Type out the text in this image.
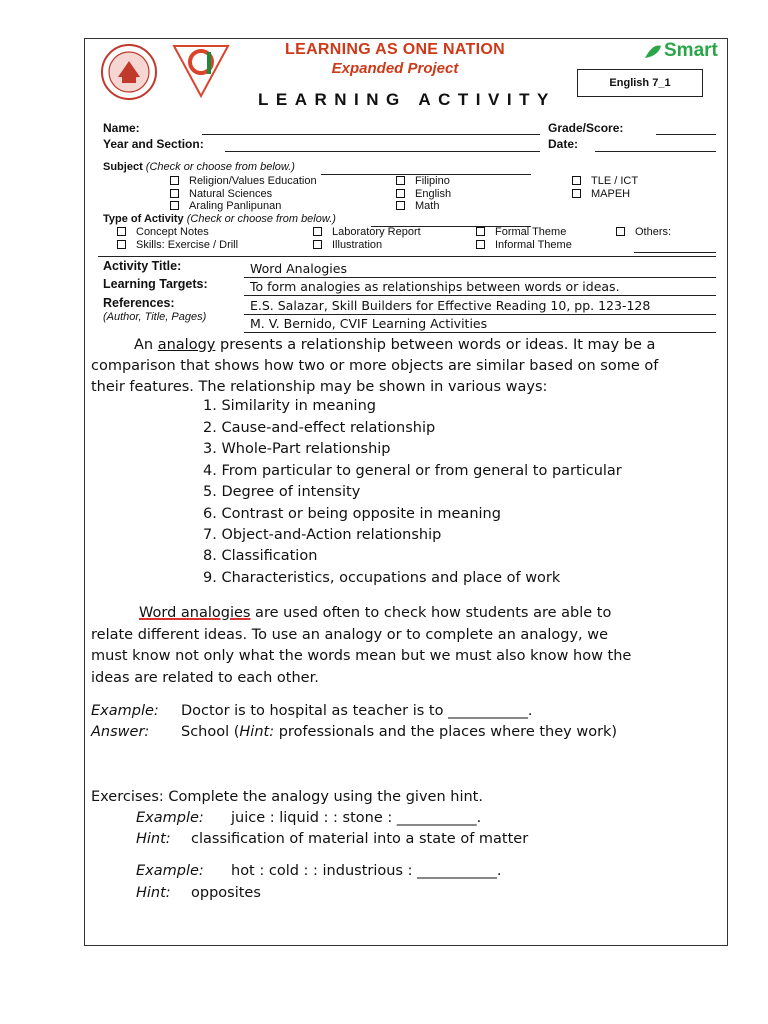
LEARNING AS ONE NATION
Expanded Project
Smart
English 7_1
LEARNING ACTIVITY
Name:
Year and Section:
Grade/Score:
Date:
Subject (Check or choose from below.)
Religion/Values Education
Natural Sciences
Araling Panlipunan
Filipino
English
Math
TLE / ICT
MAPEH
Type of Activity (Check or choose from below.)
Concept Notes
Skills: Exercise / Drill
Laboratory Report
Illustration
Formal Theme
Informal Theme
Others:
Activity Title:	Word Analogies
Learning Targets:	To form analogies as relationships between words or ideas.
References:
(Author, Title, Pages)
E.S. Salazar, Skill Builders for Effective Reading 10, pp. 123-128
M. V. Bernido, CVIF Learning Activities
An analogy presents a relationship between words or ideas. It may be a
comparison that shows how two or more objects are similar based on some of
their features. The relationship may be shown in various ways:
1. Similarity in meaning
2. Cause-and-effect relationship
3. Whole-Part relationship
4. From particular to general or from general to particular
5. Degree of intensity
6. Contrast or being opposite in meaning
7. Object-and-Action relationship
8. Classification
9. Characteristics, occupations and place of work
Word analogies are used often to check how students are able to
relate different ideas. To use an analogy or to complete an analogy, we
must know not only what the words mean but we must also know how the
ideas are related to each other.
Example: Doctor is to hospital as teacher is to ___________.
Answer: School (Hint: professionals and the places where they work)
Exercises: Complete the analogy using the given hint.
Example: juice : liquid : : stone : ___________.
Hint: classification of material into a state of matter
Example: hot : cold : : industrious : ___________.
Hint: opposites
